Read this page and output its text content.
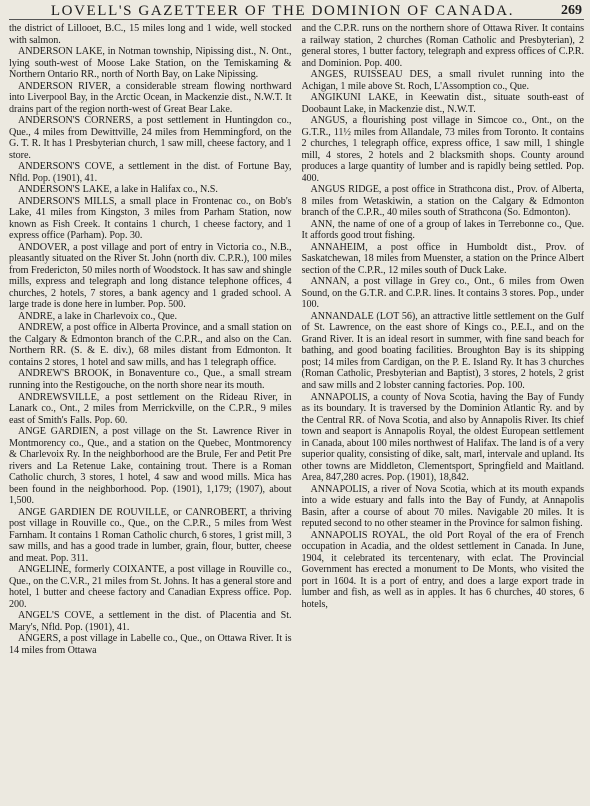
LOVELL'S GAZETTEER OF THE DOMINION OF CANADA.	269

the district of Lillooet, B.C., 15 miles long and 1 wide, well stocked with salmon.

ANDERSON LAKE, in Notman township, Nipissing dist., N. Ont., lying south-west of Moose Lake Station, on the Temiskaming & Northern Ontario RR., north of North Bay, on Lake Nipissing.

ANDERSON RIVER, a considerable stream flowing northward into Liverpool Bay, in the Arctic Ocean, in Mackenzie dist., N.W.T. It drains part of the region north-west of Great Bear Lake.

ANDERSON'S CORNERS, a post settlement in Huntingdon co., Que., 4 miles from Dewittville, 24 miles from Hemmingford, on the G. T. R. It has 1 Presbyterian church, 1 saw mill, cheese factory, and 1 store.

ANDERSON'S COVE, a settlement in the dist. of Fortune Bay, Nfld. Pop. (1901), 41.

ANDERSON'S LAKE, a lake in Halifax co., N.S.

ANDERSON'S MILLS, a small place in Frontenac co., on Bob's Lake, 41 miles from Kingston, 3 miles from Parham Station, now known as Fish Creek. It contains 1 church, 1 cheese factory, and 1 express office (Parham). Pop. 30.

ANDOVER, a post village and port of entry in Victoria co., N.B., pleasantly situated on the River St. John (north div. C.P.R.), 100 miles from Fredericton, 50 miles north of Woodstock. It has saw and shingle mills, express and telegraph and long distance telephone offices, 4 churches, 2 hotels, 7 stores, a bank agency and 1 graded school. A large trade is done here in lumber. Pop. 500.

ANDRE, a lake in Charlevoix co., Que.

ANDREW, a post office in Alberta Province, and a small station on the Calgary & Edmonton branch of the C.P.R., and also on the Can. Northern RR. (S. & E. div.), 68 miles distant from Edmonton. It contains 2 stores, 1 hotel and saw mills, and has 1 telegraph office.

ANDREW'S BROOK, in Bonaventure co., Que., a small stream running into the Restigouche, on the north shore near its mouth.

ANDREWSVILLE, a post settlement on the Rideau River, in Lanark co., Ont., 2 miles from Merrickville, on the C.P.R., 9 miles east of Smith's Falls. Pop. 60.

ANGE GARDIEN, a post village on the St. Lawrence River in Montmorency co., Que., and a station on the Quebec, Montmorency & Charlevoix Ry. In the neighborhood are the Brule, Fer and Petit Pre rivers and La Retenue Lake, containing trout. There is a Roman Catholic church, 3 stores, 1 hotel, 4 saw and wood mills. Mica has been found in the neighborhood. Pop. (1901), 1,179; (1907), about 1,500.

ANGE GARDIEN DE ROUVILLE, or CANROBERT, a thriving post village in Rouville co., Que., on the C.P.R., 5 miles from West Farnham. It contains 1 Roman Catholic church, 6 stores, 1 grist mill, 3 saw mills, and has a good trade in lumber, grain, flour, butter, cheese and meat. Pop. 311.

ANGELINE, formerly COIXANTE, a post village in Rouville co., Que., on the C.V.R., 21 miles from St. Johns. It has a general store and hotel, 1 butter and cheese factory and Canadian Express office. Pop. 200.

ANGEL'S COVE, a settlement in the dist. of Placentia and St. Mary's, Nfld. Pop. (1901), 41.

ANGERS, a post village in Labelle co., Que., on Ottawa River. It is 14 miles from Ottawa

and the C.P.R. runs on the northern shore of Ottawa River. It contains a railway station, 2 churches (Roman Catholic and Presbyterian), 2 general stores, 1 butter factory, telegraph and express offices of C.P.R. and Dominion. Pop. 400.

ANGES, RUISSEAU DES, a small rivulet running into the Achigan, 1 mile above St. Roch, L'Assomption co., Que.

ANGIKUNI LAKE, in Keewatin dist., situate south-east of Doobaunt Lake, in Mackenzie dist., N.W.T.

ANGUS, a flourishing post village in Simcoe co., Ont., on the G.T.R., 11½ miles from Allandale, 73 miles from Toronto. It contains 2 churches, 1 telegraph office, express office, 1 saw mill, 1 shingle mill, 4 stores, 2 hotels and 2 blacksmith shops. County around produces a large quantity of lumber and is rapidly being settled. Pop. 400.

ANGUS RIDGE, a post office in Strathcona dist., Prov. of Alberta, 8 miles from Wetaskiwin, a station on the Calgary & Edmonton branch of the C.P.R., 40 miles south of Strathcona (So. Edmonton).

ANN, the name of one of a group of lakes in Terrebonne co., Que. It affords good trout fishing.

ANNAHEIM, a post office in Humboldt dist., Prov. of Saskatchewan, 18 miles from Muenster, a station on the Prince Albert section of the C.P.R., 12 miles south of Duck Lake.

ANNAN, a post village in Grey co., Ont., 6 miles from Owen Sound, on the G.T.R. and C.P.R. lines. It contains 3 stores. Pop., under 100.

ANNANDALE (LOT 56), an attractive little settlement on the Gulf of St. Lawrence, on the east shore of Kings co., P.E.I., and on the Grand River. It is an ideal resort in summer, with fine sand beach for bathing, and good boating facilities. Broughton Bay is its shipping post; 14 miles from Cardigan, on the P. E. Island Ry. It has 3 churches (Roman Catholic, Presbyterian and Baptist), 3 stores, 2 hotels, 2 grist and saw mills and 2 lobster canning factories. Pop. 100.

ANNAPOLIS, a county of Nova Scotia, having the Bay of Fundy as its boundary. It is traversed by the Dominion Atlantic Ry. and by the Central RR. of Nova Scotia, and also by Annapolis River. Its chief town and seaport is Annapolis Royal, the oldest European settlement in Canada, about 100 miles northwest of Halifax. The land is of a very superior quality, consisting of dike, salt, marl, intervale and upland. Its other towns are Middleton, Clementsport, Springfield and Maitland. Area, 847,280 acres. Pop. (1901), 18,842.

ANNAPOLIS, a river of Nova Scotia, which at its mouth expands into a wide estuary and falls into the Bay of Fundy, at Annapolis Basin, after a course of about 70 miles. Navigable 20 miles. It is reputed second to no other steamer in the Province for salmon fishing.

ANNAPOLIS ROYAL, the old Port Royal of the era of French occupation in Acadia, and the oldest settlement in Canada. In June, 1904, it celebrated its tercentenary, with eclat. The Provincial Government has erected a monument to De Monts, who visited the port in 1604. It is a port of entry, and does a large export trade in lumber and fish, as well as in apples. It has 6 churches, 40 stores, 6 hotels,
